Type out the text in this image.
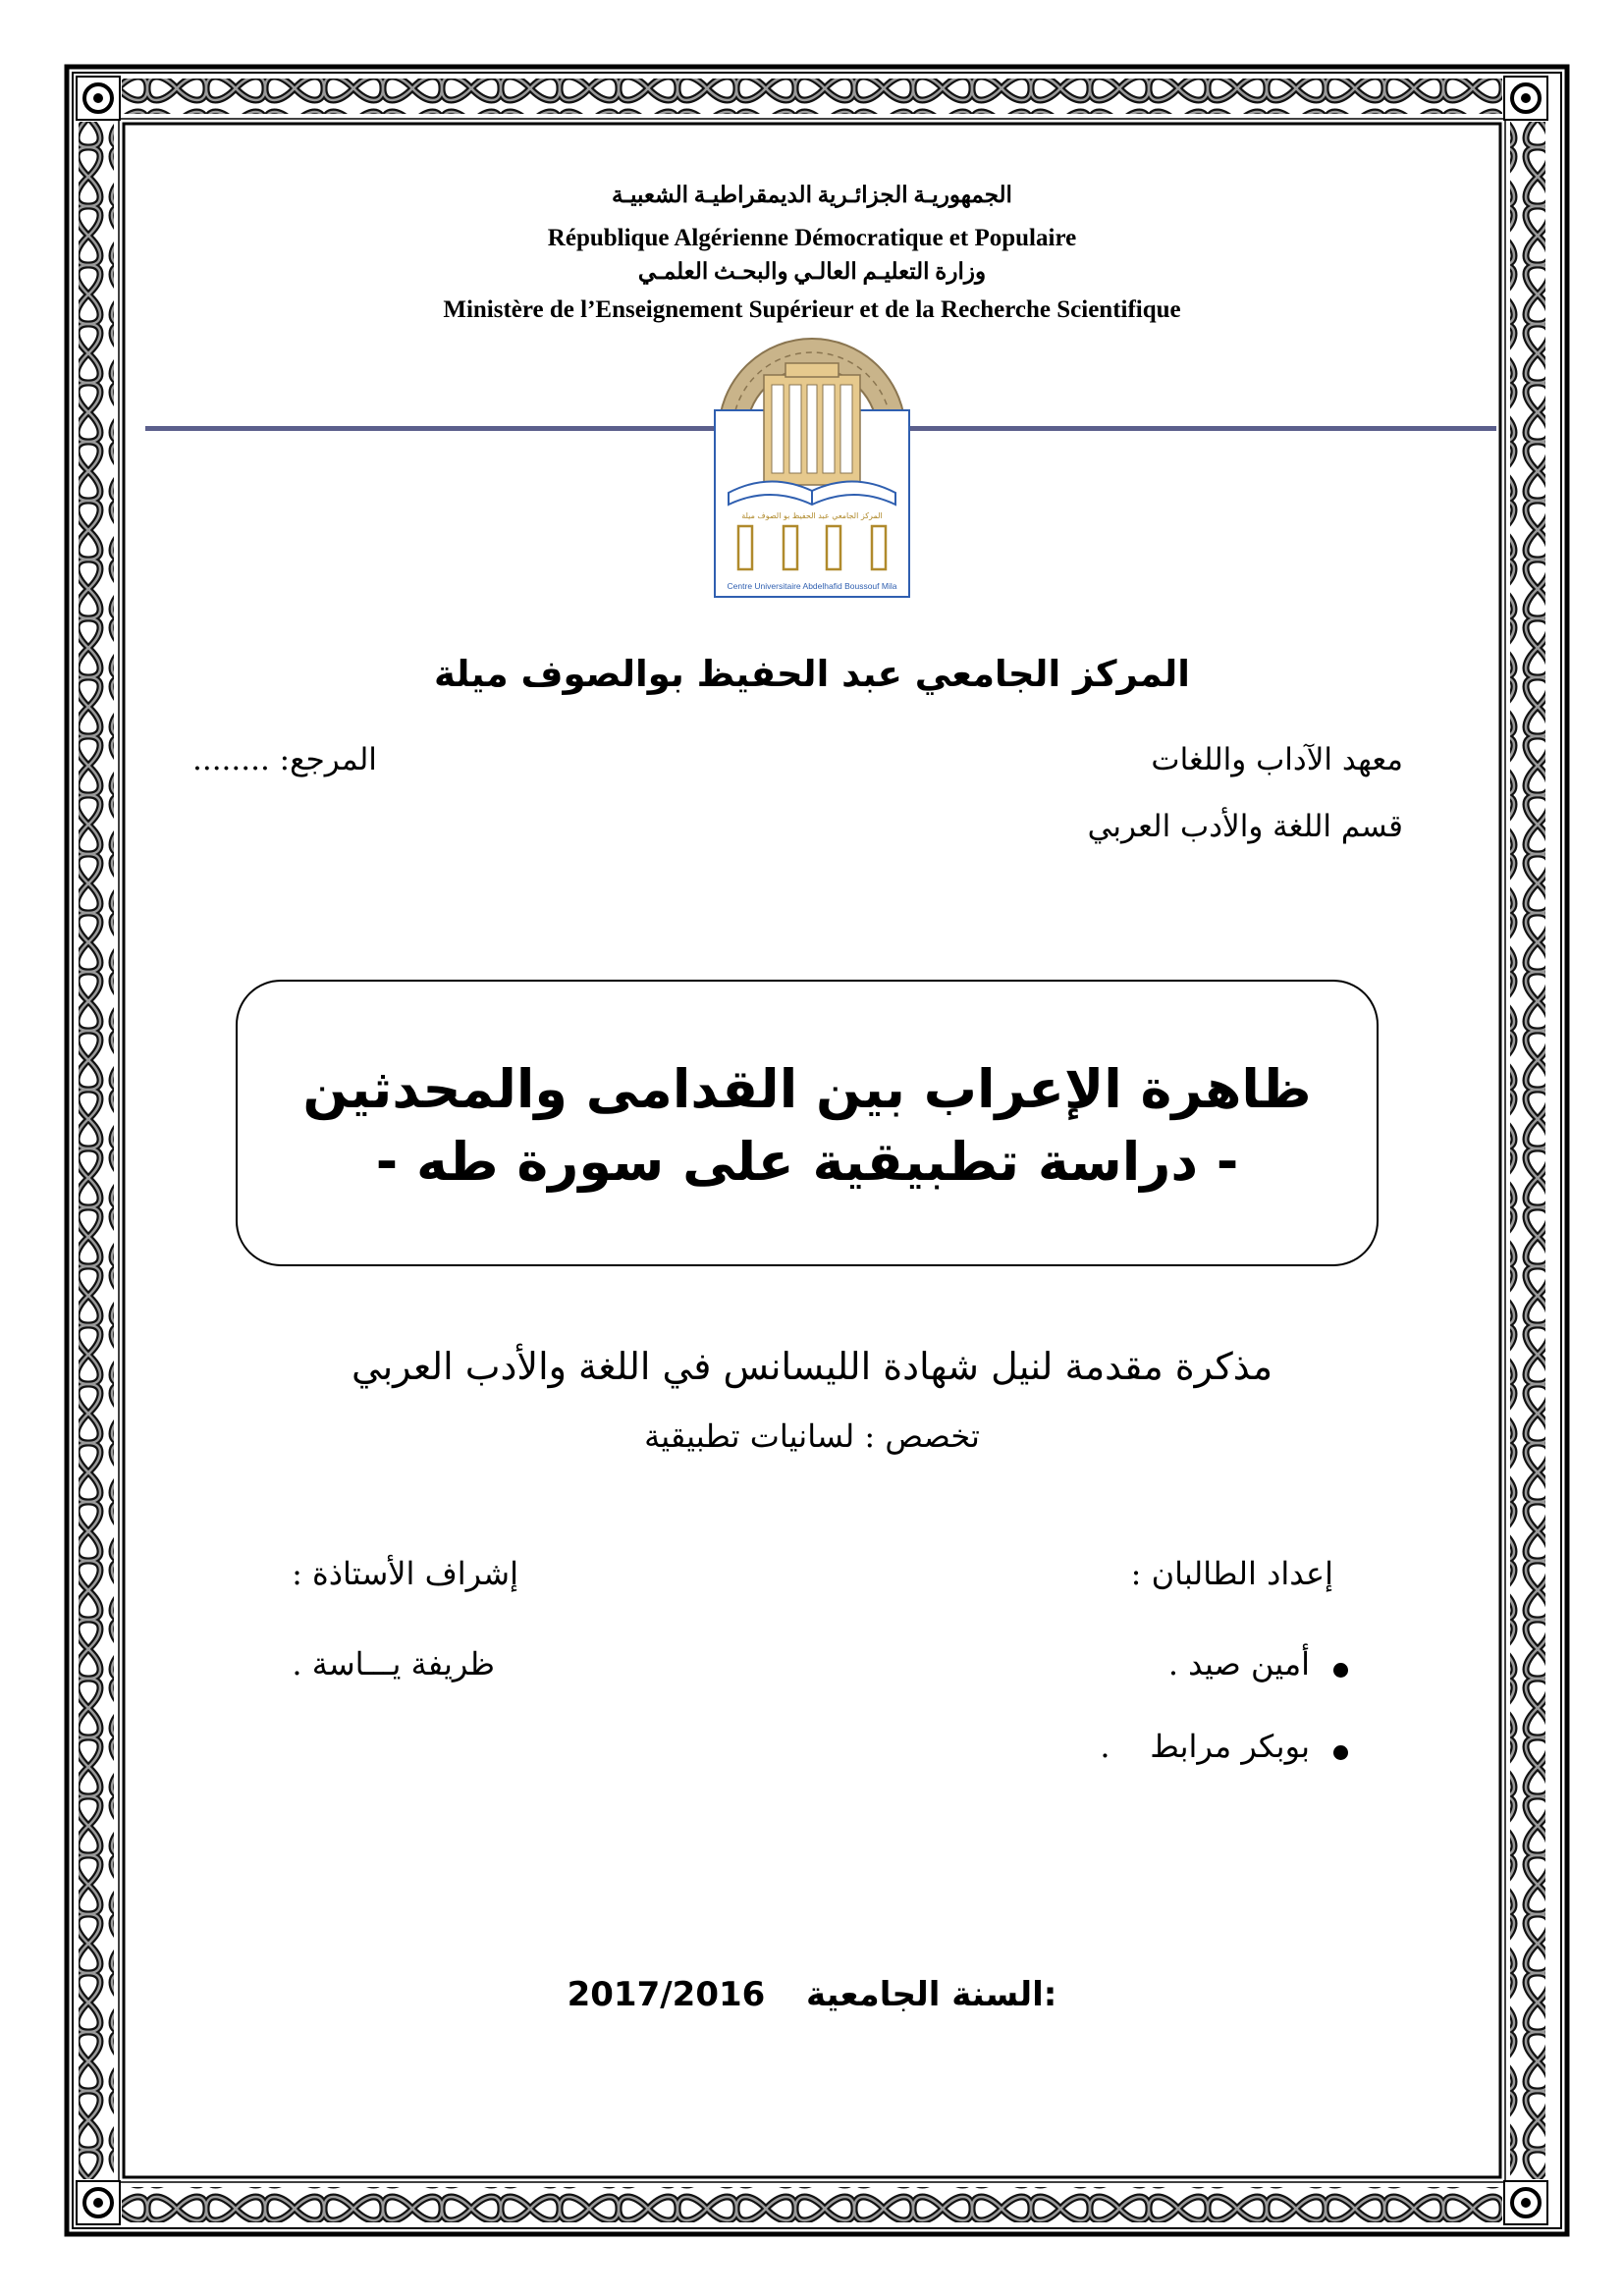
الجمهوريـة الجزائـرية الديمقراطيـة الشعبيـة
République Algérienne Démocratique et Populaire
وزارة التعليـم العالـي والبحـث العلمـي
Ministère de l’Enseignement Supérieur et de la Recherche Scientifique
المركز الجامعي عبد الحفيظ بو الصوف ميلة
Centre Universitaire Abdelhafid Boussouf Mila
المركز الجامعي عبد الحفيظ بوالصوف ميلة
معهد الآداب واللغات
المرجع: ........
قسم اللغة والأدب العربي
ظاهرة الإعراب بين القدامى والمحدثين
- دراسة تطبيقية على سورة طه -
مذكرة مقدمة لنيل شهادة الليسانس في اللغة والأدب العربي
تخصص : لسانيات تطبيقية
إعداد الطالبان :
أمين صيد .
بوبكر مرابط    .
إشراف الأستاذة :
ظريفة يـــاسة .
2017/2016 السنة الجامعية:
